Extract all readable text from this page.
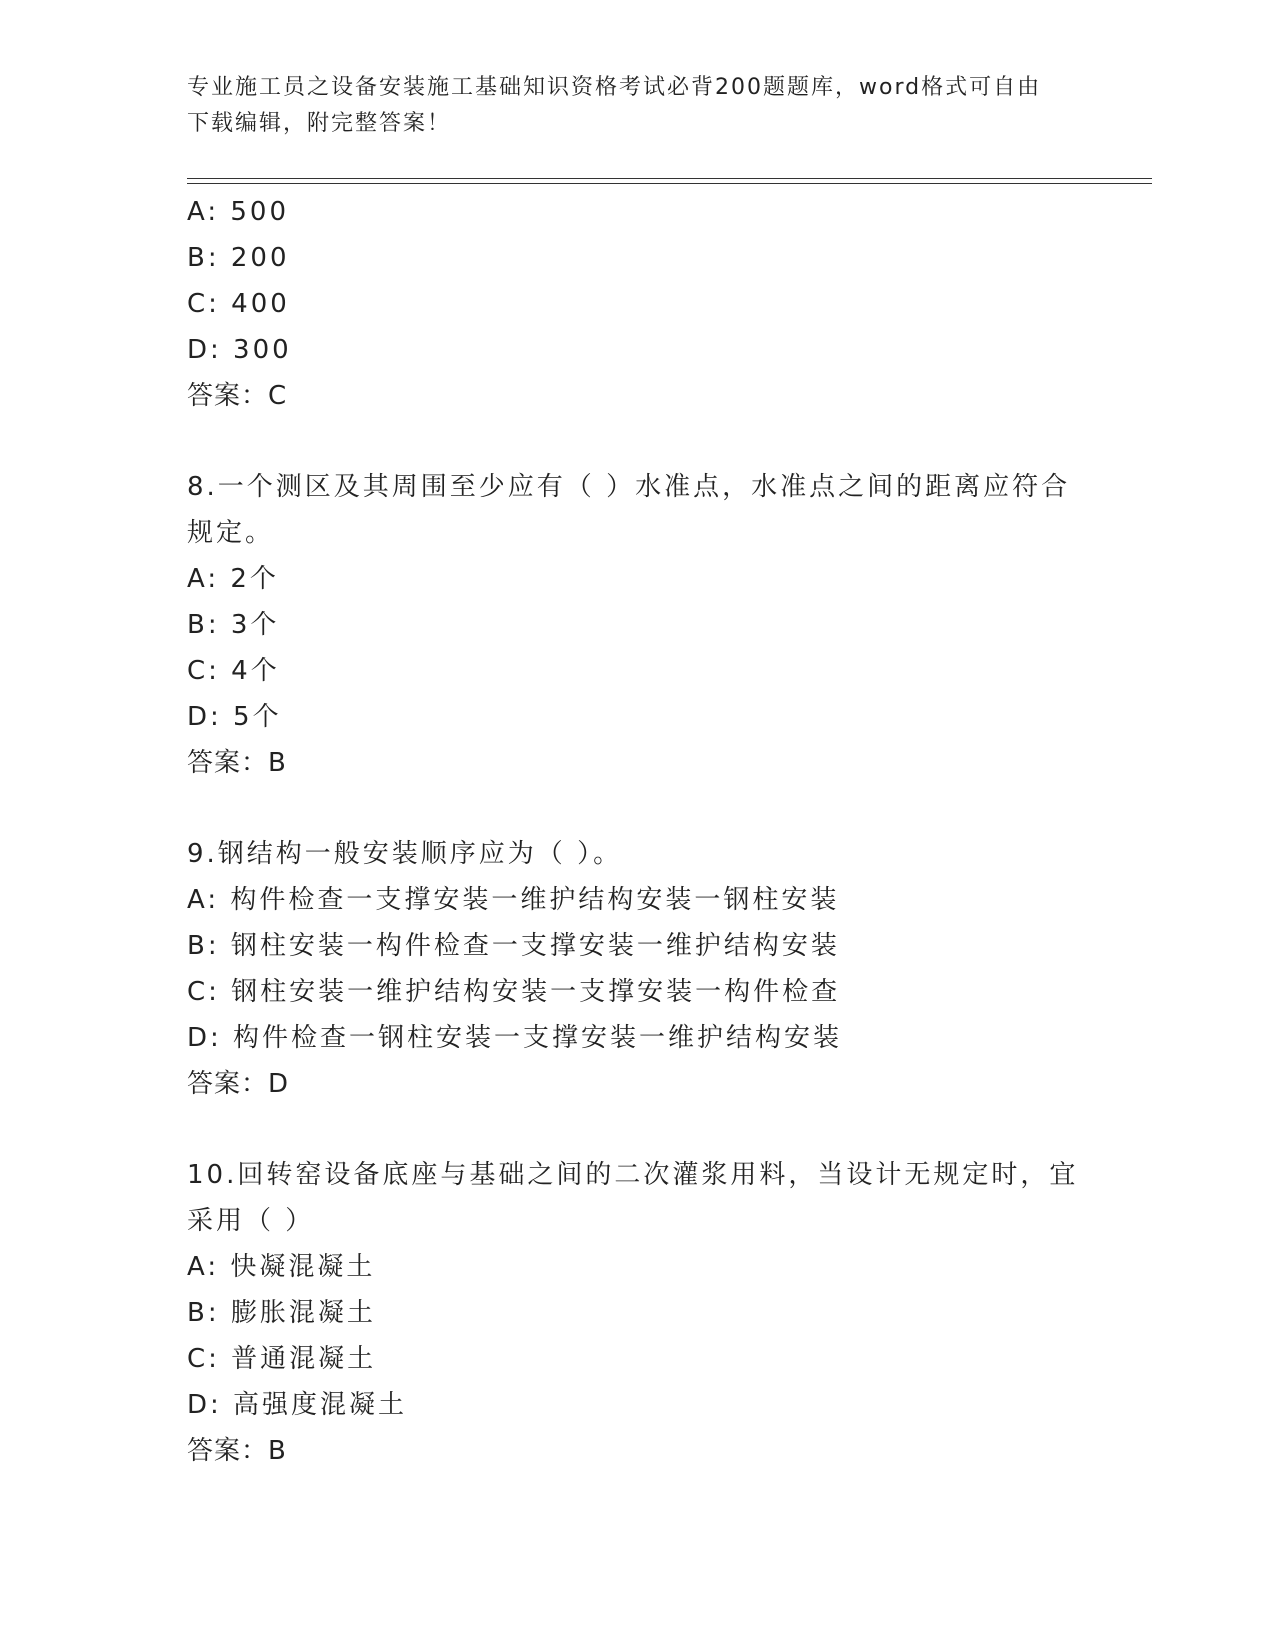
专业施工员之设备安装施工基础知识资格考试必背200题题库，word格式可自由
下载编辑，附完整答案！
A: 500
B: 200
C: 400
D: 300
答案：C
8.一个测区及其周围至少应有（ ）水准点，水准点之间的距离应符合
规定。
A: 2个
B: 3个
C: 4个
D: 5个
答案：B
9.钢结构一般安装顺序应为（ ）。
A: 构件检查一支撑安装一维护结构安装一钢柱安装
B: 钢柱安装一构件检查一支撑安装一维护结构安装
C: 钢柱安装一维护结构安装一支撑安装一构件检查
D: 构件检查一钢柱安装一支撑安装一维护结构安装
答案：D
10.回转窑设备底座与基础之间的二次灌浆用料，当设计无规定时，宜
采用（ ）
A: 快凝混凝土
B: 膨胀混凝土
C: 普通混凝土
D: 高强度混凝土
答案：B
